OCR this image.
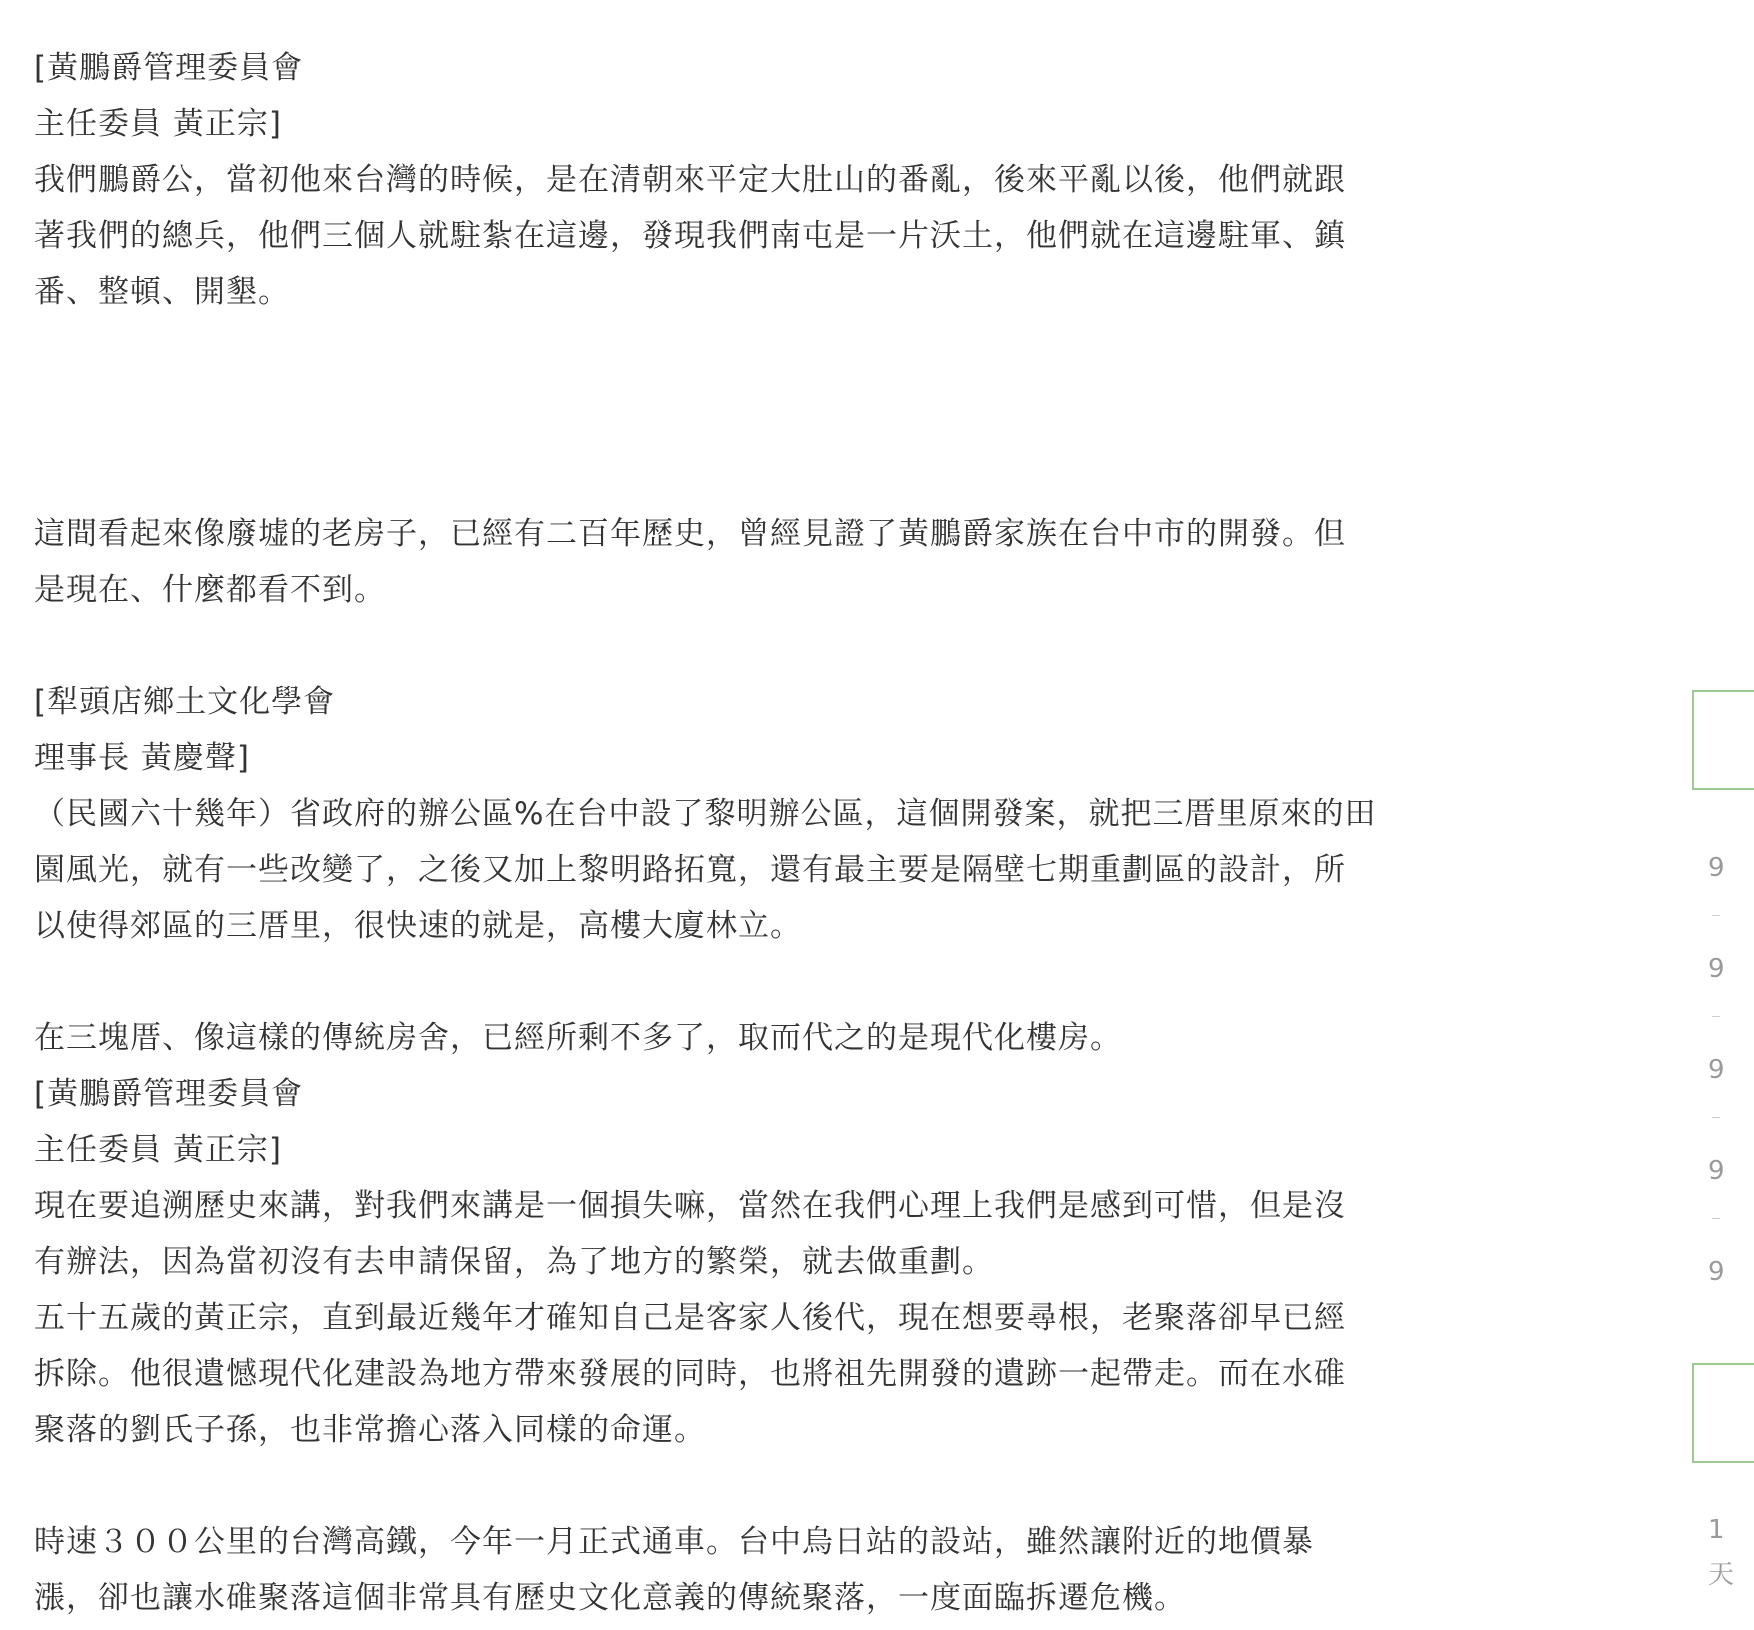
[黃鵬爵管理委員會
主任委員 黃正宗]
我們鵬爵公，當初他來台灣的時候，是在清朝來平定大肚山的番亂，後來平亂以後，他們就跟
著我們的總兵，他們三個人就駐紮在這邊，發現我們南屯是一片沃土，他們就在這邊駐軍、鎮
番、整頓、開墾。

這間看起來像廢墟的老房子，已經有二百年歷史，曾經見證了黃鵬爵家族在台中市的開發。但
是現在、什麼都看不到。

[犁頭店鄉土文化學會
理事長 黃慶聲]
（民國六十幾年）省政府的辦公區%在台中設了黎明辦公區，這個開發案，就把三厝里原來的田
園風光，就有一些改變了，之後又加上黎明路拓寬，還有最主要是隔壁七期重劃區的設計，所
以使得郊區的三厝里，很快速的就是，高樓大廈林立。

在三塊厝、像這樣的傳統房舍，已經所剩不多了，取而代之的是現代化樓房。
[黃鵬爵管理委員會
主任委員 黃正宗]
現在要追溯歷史來講，對我們來講是一個損失嘛，當然在我們心理上我們是感到可惜，但是沒
有辦法，因為當初沒有去申請保留，為了地方的繁榮，就去做重劃。
五十五歲的黃正宗，直到最近幾年才確知自己是客家人後代，現在想要尋根，老聚落卻早已經
拆除。他很遺憾現代化建設為地方帶來發展的同時，也將祖先開發的遺跡一起帶走。而在水碓
聚落的劉氏子孫，也非常擔心落入同樣的命運。

時速３００公里的台灣高鐵，今年一月正式通車。台中烏日站的設站，雖然讓附近的地價暴
漲，卻也讓水碓聚落這個非常具有歷史文化意義的傳統聚落，一度面臨拆遷危機。

9
9
9
9
9
1
天
